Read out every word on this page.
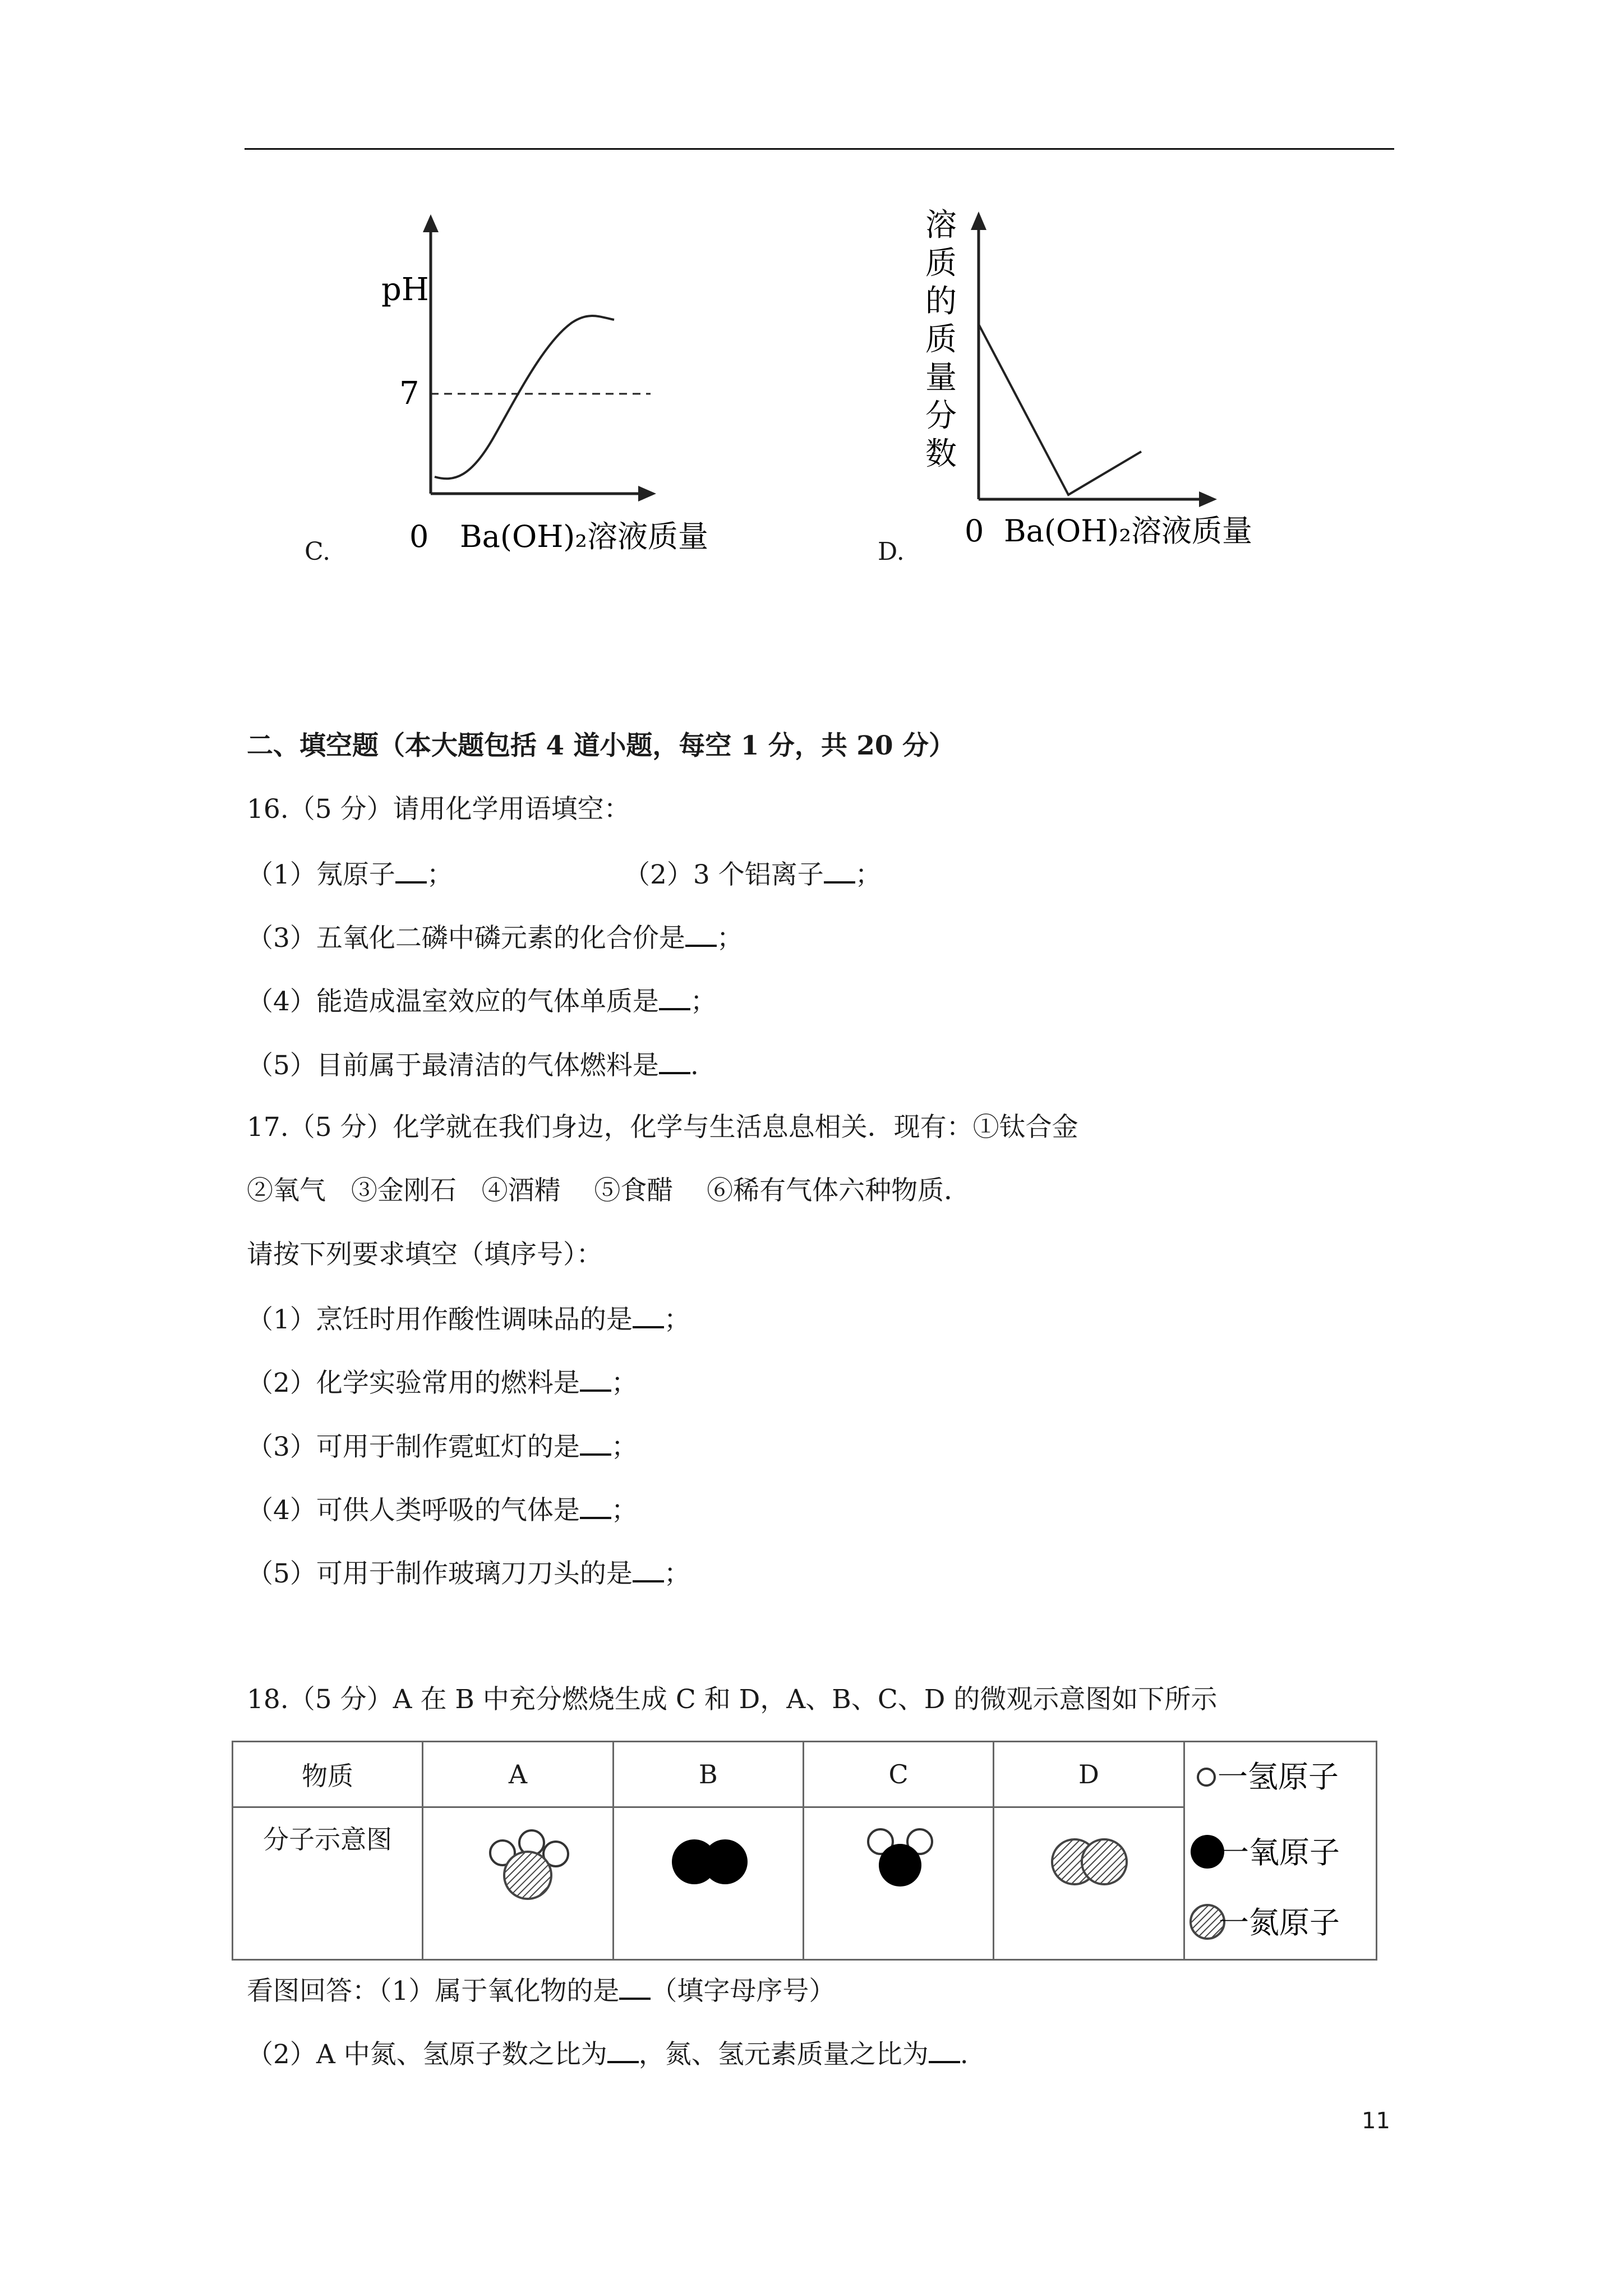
pH
7
0 Ba(OH)₂溶液质量
C.
溶
质
的
质
量
分
数
0 Ba(OH)₂溶液质量
D.
二、填空题（本大题包括 4 道小题，每空 1 分，共 20 分）
16.（5 分）请用化学用语填空：
（1）氖原子 ；	（2）3 个铝离子 ；
（3）五氧化二磷中磷元素的化合价是 ；
（4）能造成温室效应的气体单质是 ；
（5）目前属于最清洁的气体燃料是 .
17.（5 分）化学就在我们身边，化学与生活息息相关．现有：①钛合金
②氧气   ③金刚石   ④酒精    ⑤食醋    ⑥稀有气体六种物质．
请按下列要求填空（填序号）：
（1）烹饪时用作酸性调味品的是 ；
（2）化学实验常用的燃料是 ；
（3）可用于制作霓虹灯的是 ；
（4）可供人类呼吸的气体是 ；
（5）可用于制作玻璃刀刀头的是 ；
18.（5 分）A 在 B 中充分燃烧生成 C 和 D，A、B、C、D 的微观示意图如下所示
物质	A	B	C	D	一氢原子
一氧原子
一氮原子

分子示意图				
看图回答：（1）属于氧化物的是 （填字母序号）
（2）A 中氮、氢原子数之比为 ，氮、氢元素质量之比为 .
11
